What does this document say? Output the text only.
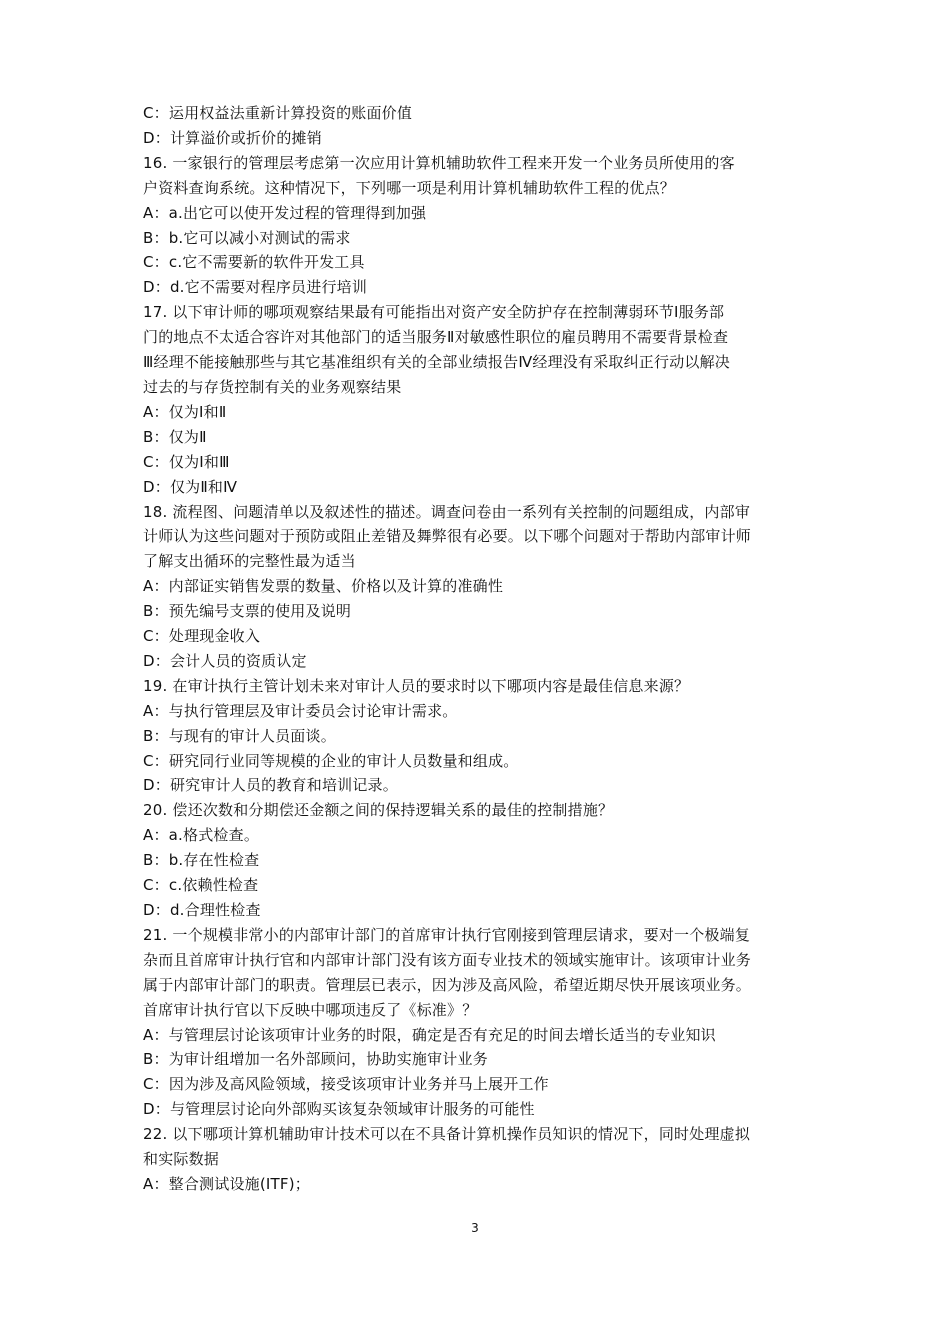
C：运用权益法重新计算投资的账面价值
D：计算溢价或折价的摊销
16. 一家银行的管理层考虑第一次应用计算机辅助软件工程来开发一个业务员所使用的客
户资料查询系统。这种情况下，下列哪一项是利用计算机辅助软件工程的优点？
A：a.出它可以使开发过程的管理得到加强
B：b.它可以减小对测试的需求
C：c.它不需要新的软件开发工具
D：d.它不需要对程序员进行培训
17. 以下审计师的哪项观察结果最有可能指出对资产安全防护存在控制薄弱环节Ⅰ服务部
门的地点不太适合容许对其他部门的适当服务Ⅱ对敏感性职位的雇员聘用不需要背景检查
Ⅲ经理不能接触那些与其它基准组织有关的全部业绩报告Ⅳ经理没有采取纠正行动以解决
过去的与存货控制有关的业务观察结果
A：仅为Ⅰ和Ⅱ
B：仅为Ⅱ
C：仅为Ⅰ和Ⅲ
D：仅为Ⅱ和Ⅳ
18. 流程图、问题清单以及叙述性的描述。调查问卷由一系列有关控制的问题组成，内部审
计师认为这些问题对于预防或阻止差错及舞弊很有必要。以下哪个问题对于帮助内部审计师
了解支出循环的完整性最为适当
A：内部证实销售发票的数量、价格以及计算的准确性
B：预先编号支票的使用及说明
C：处理现金收入
D：会计人员的资质认定
19. 在审计执行主管计划未来对审计人员的要求时以下哪项内容是最佳信息来源？
A：与执行管理层及审计委员会讨论审计需求。
B：与现有的审计人员面谈。
C：研究同行业同等规模的企业的审计人员数量和组成。
D：研究审计人员的教育和培训记录。
20. 偿还次数和分期偿还金额之间的保持逻辑关系的最佳的控制措施？
A：a.格式检查。
B：b.存在性检查
C：c.依赖性检查
D：d.合理性检查
21. 一个规模非常小的内部审计部门的首席审计执行官刚接到管理层请求，要对一个极端复
杂而且首席审计执行官和内部审计部门没有该方面专业技术的领域实施审计。该项审计业务
属于内部审计部门的职责。管理层已表示，因为涉及高风险，希望近期尽快开展该项业务。
首席审计执行官以下反映中哪项违反了《标准》？
A：与管理层讨论该项审计业务的时限，确定是否有充足的时间去增长适当的专业知识
B：为审计组增加一名外部顾问，协助实施审计业务
C：因为涉及高风险领域，接受该项审计业务并马上展开工作
D：与管理层讨论向外部购买该复杂领域审计服务的可能性
22. 以下哪项计算机辅助审计技术可以在不具备计算机操作员知识的情况下，同时处理虚拟
和实际数据
A：整合测试设施(ITF)；
3
